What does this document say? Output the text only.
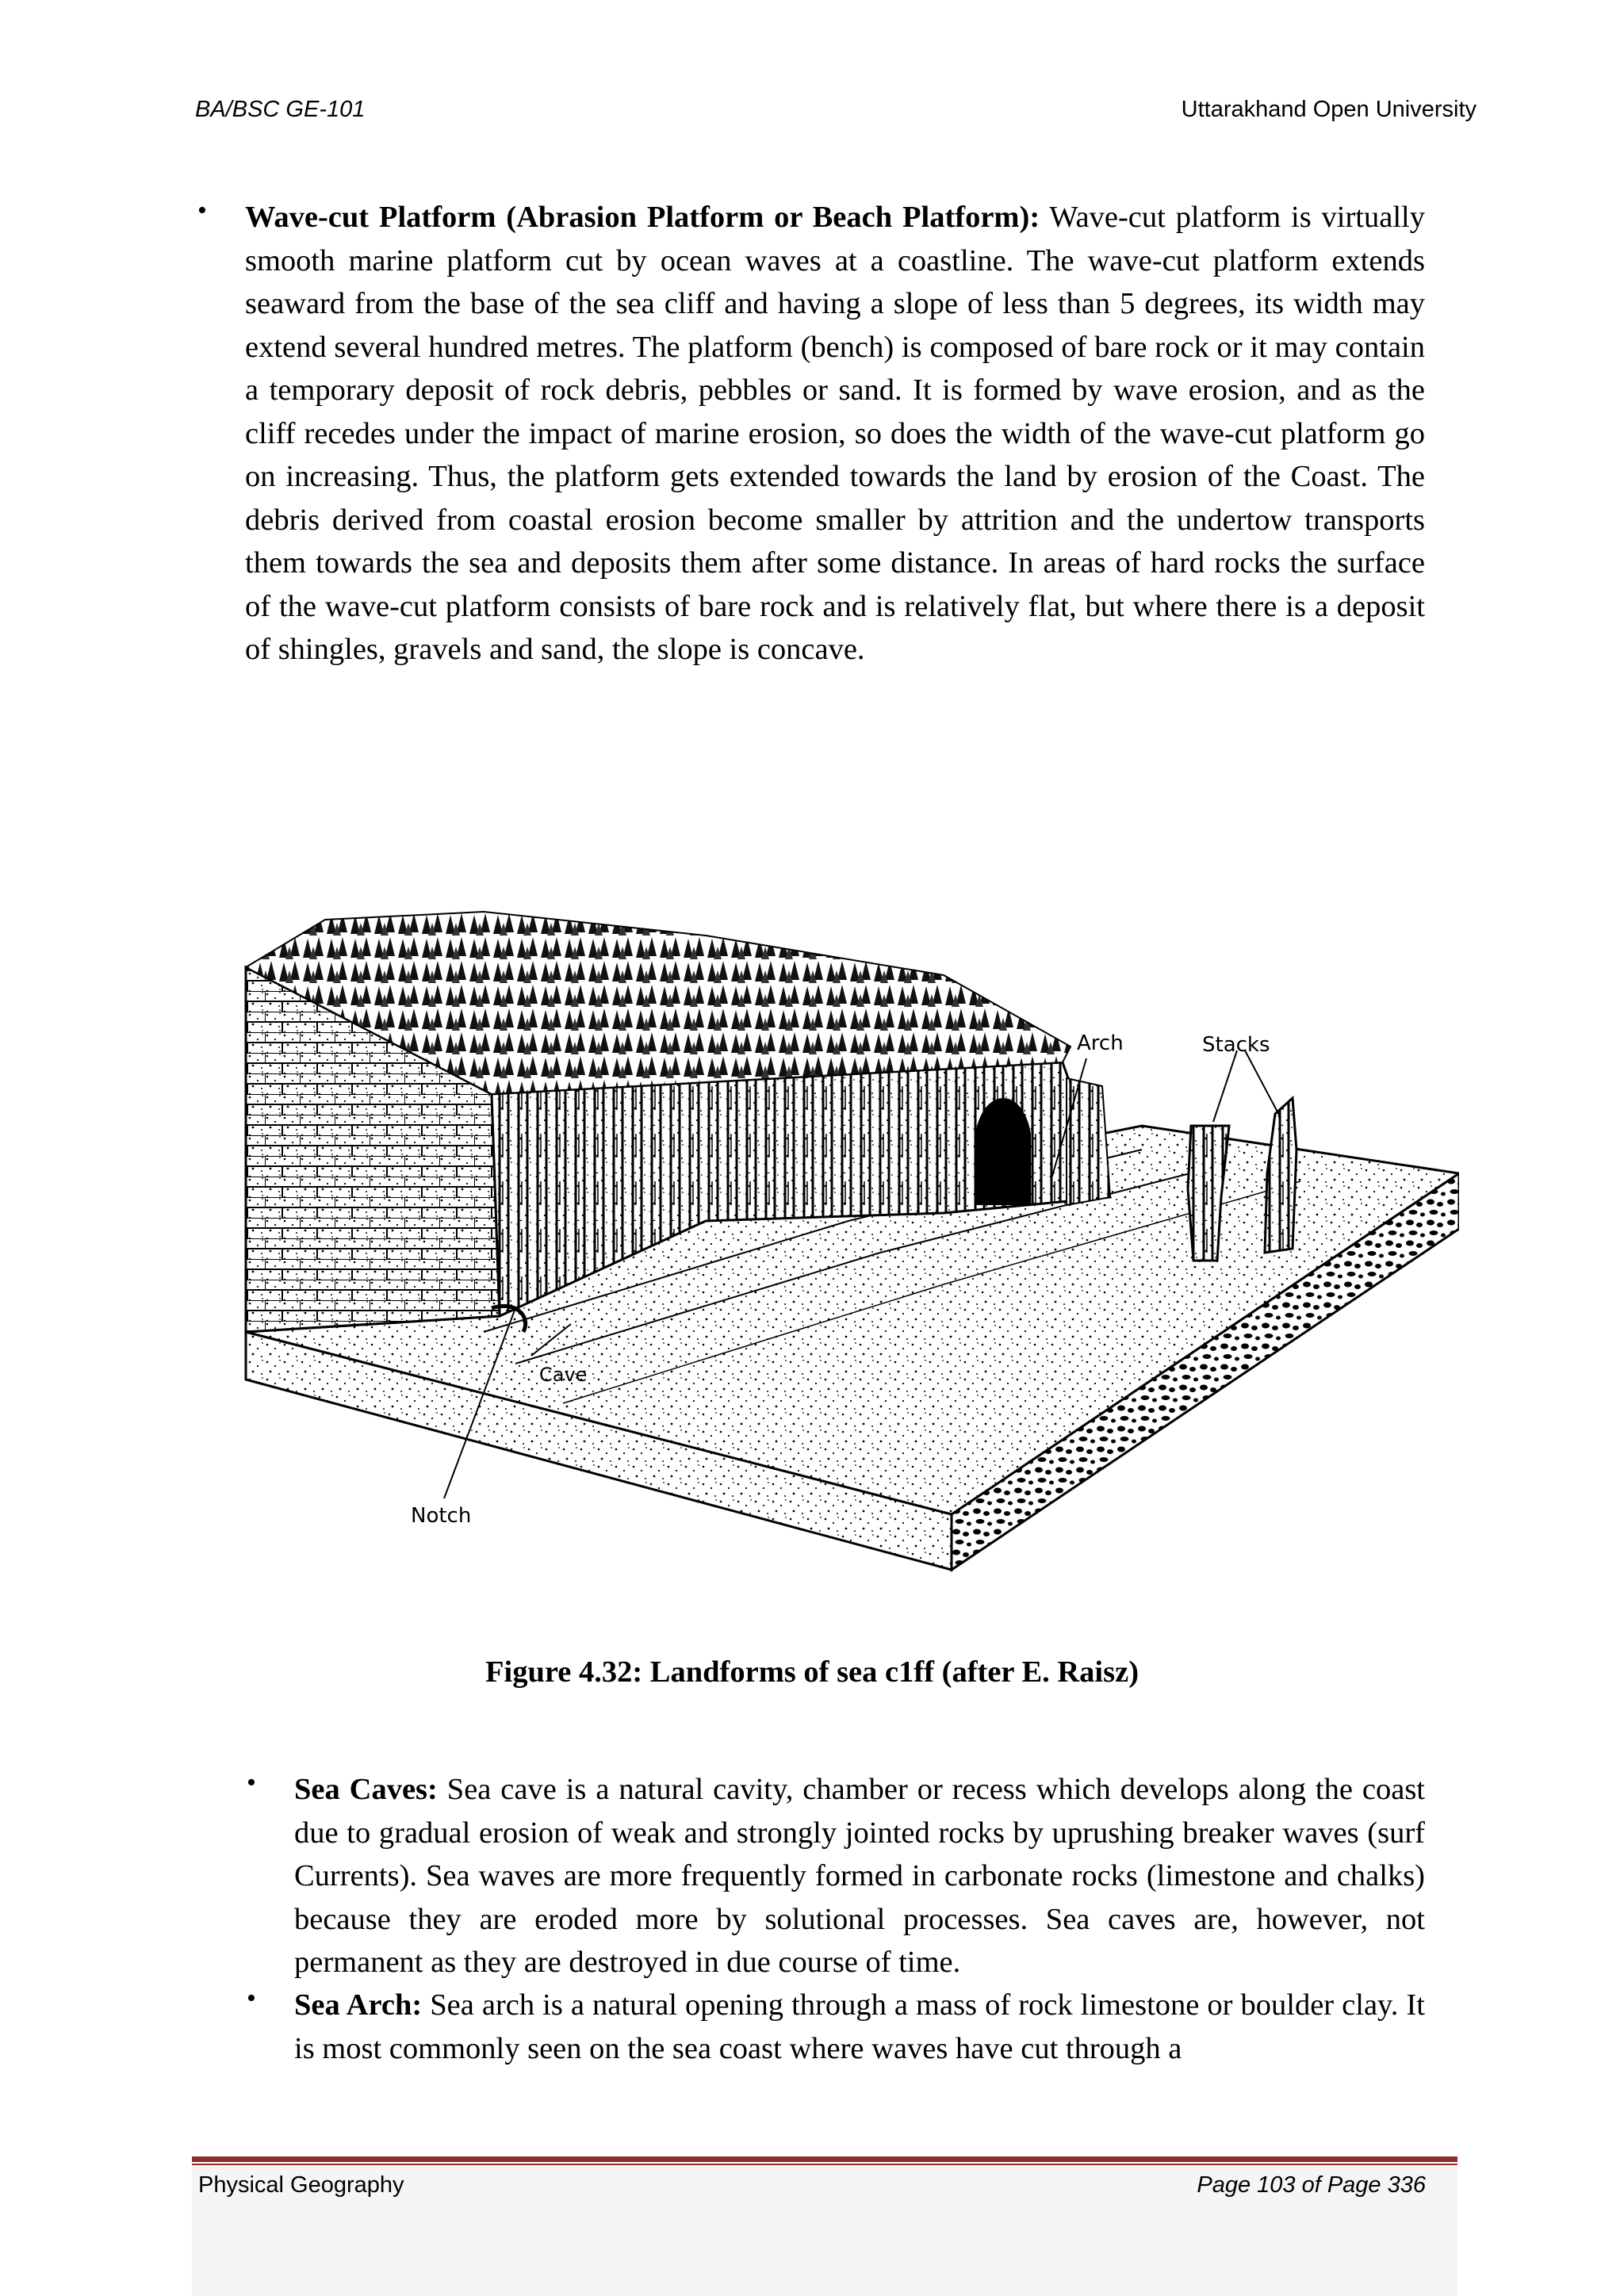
BA/BSC GE-101	Uttarakhand Open University
• Wave-cut Platform (Abrasion Platform or Beach Platform): Wave-cut platform is virtually smooth marine platform cut by ocean waves at a coastline. The wave-cut platform extends seaward from the base of the sea cliff and having a slope of less than 5 degrees, its width may extend several hundred metres. The platform (bench) is composed of bare rock or it may contain a temporary deposit of rock debris, pebbles or sand. It is formed by wave erosion, and as the cliff recedes under the impact of marine erosion, so does the width of the wave-cut platform go on increasing. Thus, the platform gets extended towards the land by erosion of the Coast. The debris derived from coastal erosion become smaller by attrition and the undertow transports them towards the sea and deposits them after some distance. In areas of hard rocks the surface of the wave-cut platform consists of bare rock and is relatively flat, but where there is a deposit of shingles, gravels and sand, the slope is concave.
Arch	Stacks
Cave
Notch
Figure 4.32: Landforms of sea c1ff (after E. Raisz)
• Sea Caves: Sea cave is a natural cavity, chamber or recess which develops along the coast due to gradual erosion of weak and strongly jointed rocks by uprushing breaker waves (surf Currents). Sea waves are more frequently formed in carbonate rocks (limestone and chalks) because they are eroded more by solutional processes. Sea caves are, however, not permanent as they are destroyed in due course of time.
• Sea Arch: Sea arch is a natural opening through a mass of rock limestone or boulder clay. It is most commonly seen on the sea coast where waves have cut through a
Physical Geography	Page 103 of Page 336
